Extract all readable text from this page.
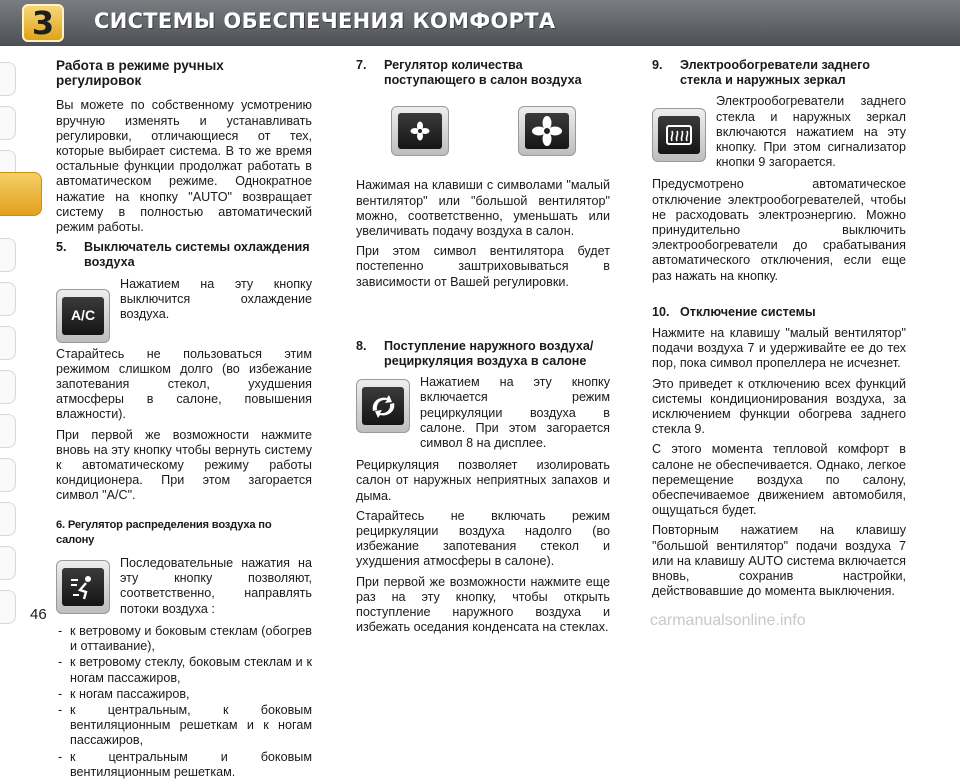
3	СИСТЕМЫ ОБЕСПЕЧЕНИЯ КОМФОРТА
Работа в режиме ручных регулировок

Вы можете по собственному усмотрению вручную изменять и устанавливать регулировки, отличающиеся от тех, которые выбирает система. В то же время остальные функции продолжат работать в автоматическом режиме. Однократное нажатие на кнопку "AUTO" возвращает систему в полностью автоматический режим работы.

5.	Выключатель системы охлаждения воздуха
A/C

Нажатием на эту кнопку выключится охлаждение воздуха.

Старайтесь не пользоваться этим режимом слишком долго (во избежание запотевания стекол, ухудшения атмосферы в салоне, повышения влажности).

При первой же возможности нажмите вновь на эту кнопку чтобы вернуть систему к автоматическому режиму работы кондиционера. При этом загорается символ "A/C".

6. Регулятор распределения воздуха по салону

Последовательные нажатия на эту кнопку позволяют, соответственно, направлять потоки воздуха :

- к ветровому и боковым стеклам (обогрев и оттаивание),
- к ветровому стеклу, боковым стеклам и к ногам пассажиров,
- к ногам пассажиров,
- к центральным, к боковым вентиляционным решеткам и к ногам пассажиров,
- к центральным и боковым вентиляционным решеткам.
7.	Регулятор количества поступающего в салон воздуха

Нажимая на клавиши с символами "малый вентилятор" или "большой вентилятор" можно, соответственно, уменьшать или увеличивать подачу воздуха в салон.

При этом символ вентилятора будет постепенно заштриховываться в зависимости от Вашей регулировки.

8.	Поступление наружного воздуха/ рециркуляция воздуха в салоне

Нажатием на эту кнопку включается режим рециркуляции воздуха в салоне. При этом загорается символ 8 на дисплее.

Рециркуляция позволяет изолировать салон от наружных неприятных запахов и дыма.

Старайтесь не включать режим рециркуляции воздуха надолго (во избежание запотевания стекол и ухудшения атмосферы в салоне).

При первой же возможности нажмите еще раз на эту кнопку, чтобы открыть поступление наружного воздуха и избежать оседания конденсата на стеклах.

9.	Электрообогреватели заднего стекла и наружных зеркал

Электрообогреватели заднего стекла и наружных зеркал включаются нажатием на эту кнопку. При этом сигнализатор кнопки 9 загорается.

Предусмотрено автоматическое отключение электрообогревателей, чтобы не расходовать электроэнергию. Можно принудительно выключить электрообогреватели до срабатывания автоматического отключения, если еще раз нажать на кнопку.

10. Отключение системы

Нажмите на клавишу "малый вентилятор" подачи воздуха 7 и удерживайте ее до тех пор, пока символ пропеллера не исчезнет.

Это приведет к отключению всех функций системы кондиционирования воздуха, за исключением функции обогрева заднего стекла 9.

С этого момента тепловой комфорт в салоне не обеспечивается. Однако, легкое перемещение воздуха по салону, обеспечиваемое движением автомобиля, ощущаться будет.

Повторным нажатием на клавишу "большой вентилятор" подачи воздуха 7 или на клавишу AUTO система включается вновь, сохранив настройки, действовавшие до момента выключения.

46	carmanualsonline.info
